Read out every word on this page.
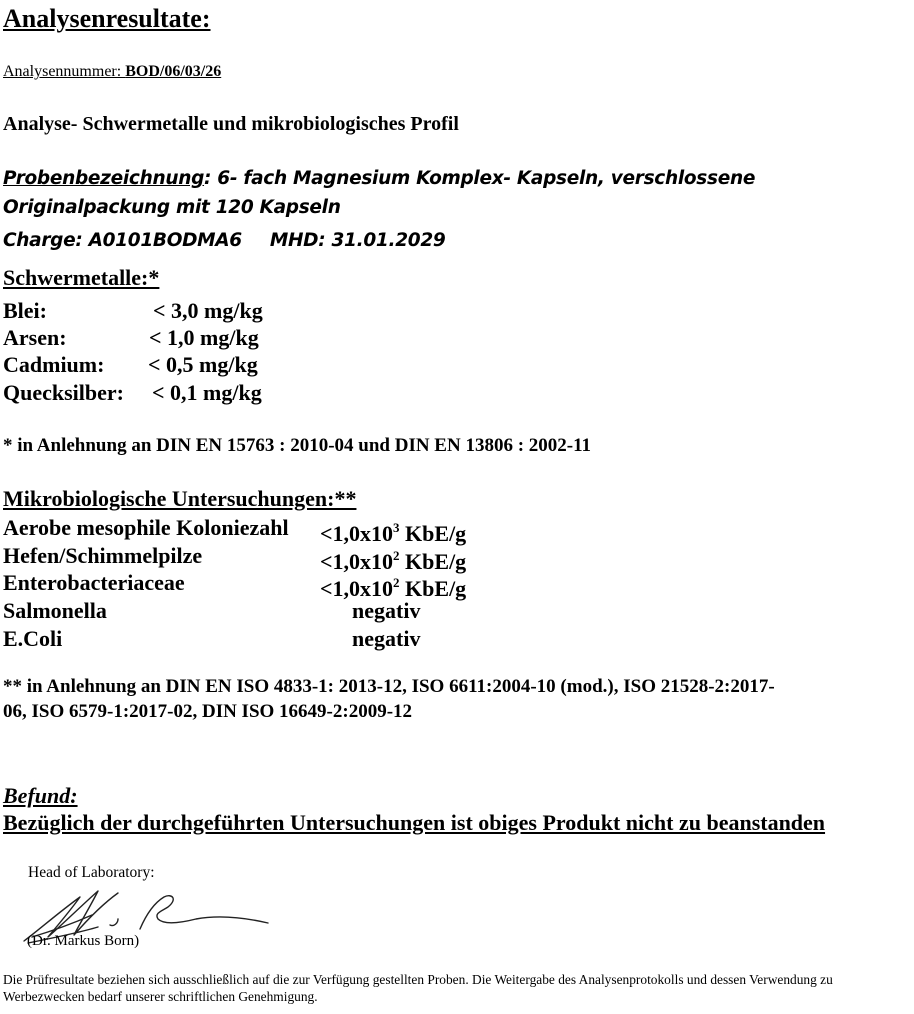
Analysenresultate:
Analysennummer: BOD/06/03/26
Analyse- Schwermetalle und mikrobiologisches Profil
Probenbezeichnung: 6- fach Magnesium Komplex- Kapseln, verschlossene Originalpackung mit 120 Kapseln
Charge: A0101BODMA6 MHD: 31.01.2029
Schwermetalle:*
Blei:	< 3,0 mg/kg
Arsen:	< 1,0 mg/kg
Cadmium: < 0,5 mg/kg
Quecksilber: < 0,1 mg/kg
* in Anlehnung an DIN EN 15763 : 2010-04 und DIN EN 13806 : 2002-11
Mikrobiologische Untersuchungen:**
Aerobe mesophile Koloniezahl $<1,0x10^3$ KbE/g
Hefen/Schimmelpilze	$<1,0x10^2$ KbE/g
Enterobacteriaceae	$<1,0x10^2$ KbE/g
Salmonella	negativ
E.Coli	negativ
** in Anlehnung an DIN EN ISO 4833-1: 2013-12, ISO 6611:2004-10 (mod.), ISO 21528-2:2017-
06, ISO 6579-1:2017-02, DIN ISO 16649-2:2009-12
Befund:
Bezüglich der durchgeführten Untersuchungen ist obiges Produkt nicht zu beanstanden
Head of Laboratory:
(Dr. Markus Born)
Die Prüfresultate beziehen sich ausschließlich auf die zur Verfügung gestellten Proben. Die Weitergabe des Analysenprotokolls und dessen Verwendung zu Werbezwecken bedarf unserer schriftlichen Genehmigung.
